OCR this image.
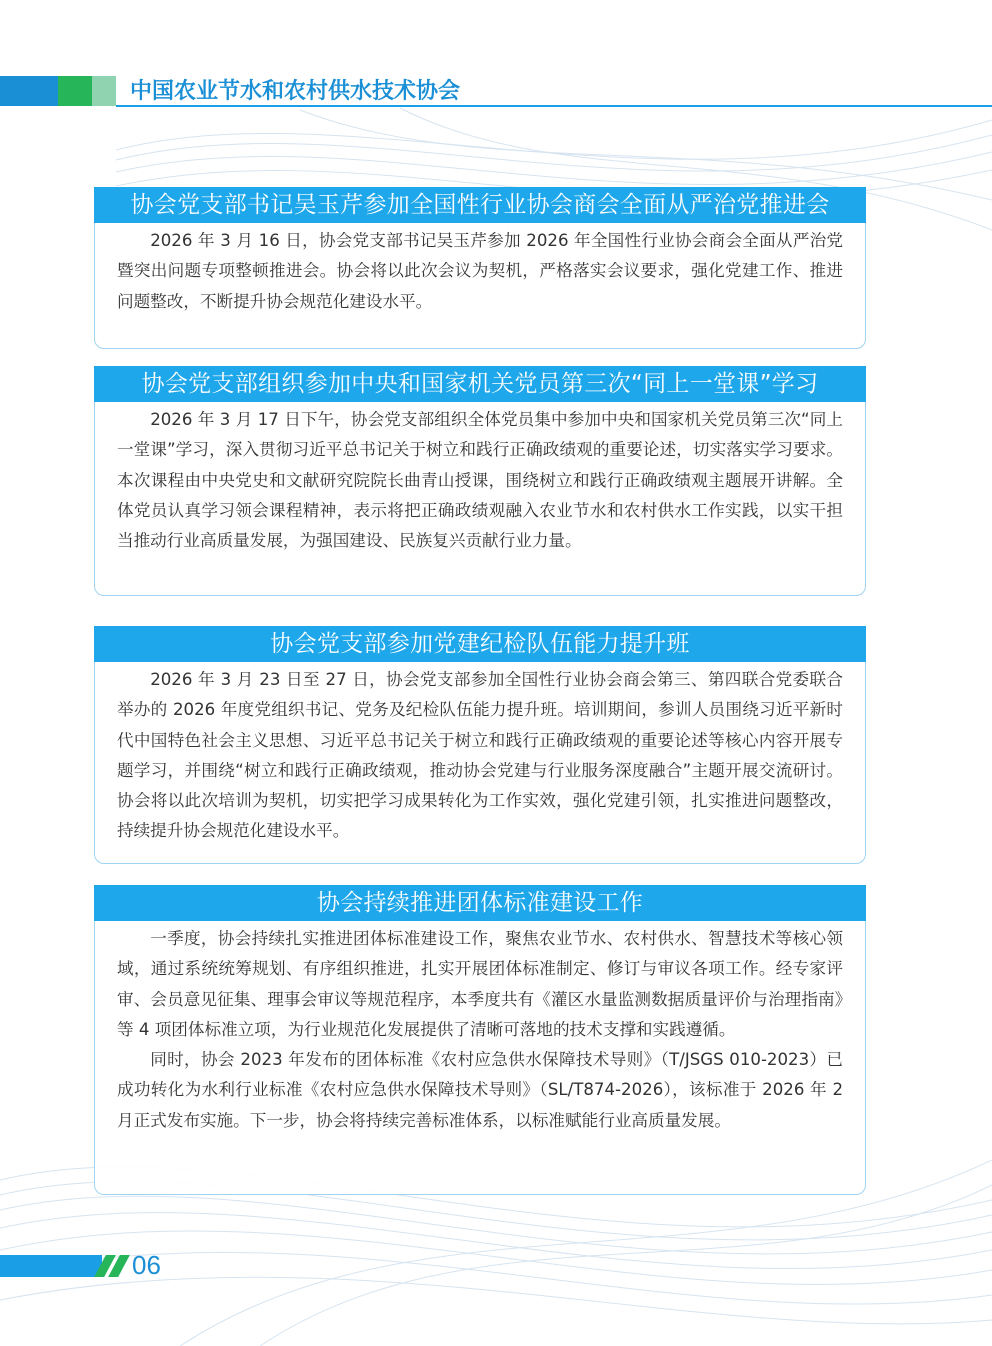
中国农业节水和农村供水技术协会
协会党支部书记吴玉芹参加全国性行业协会商会全面从严治党推进会

2026 年 3 月 16 日，协会党支部书记吴玉芹参加 2026 年全国性行业协会商会全面从严治党暨突出问题专项整顿推进会。协会将以此次会议为契机，严格落实会议要求，强化党建工作、推进问题整改，不断提升协会规范化建设水平。

协会党支部组织参加中央和国家机关党员第三次“同上一堂课”学习

2026 年 3 月 17 日下午，协会党支部组织全体党员集中参加中央和国家机关党员第三次“同上一堂课”学习，深入贯彻习近平总书记关于树立和践行正确政绩观的重要论述，切实落实学习要求。本次课程由中央党史和文献研究院院长曲青山授课，围绕树立和践行正确政绩观主题展开讲解。全体党员认真学习领会课程精神，表示将把正确政绩观融入农业节水和农村供水工作实践，以实干担当推动行业高质量发展，为强国建设、民族复兴贡献行业力量。

协会党支部参加党建纪检队伍能力提升班

2026 年 3 月 23 日至 27 日，协会党支部参加全国性行业协会商会第三、第四联合党委联合举办的 2026 年度党组织书记、党务及纪检队伍能力提升班。培训期间，参训人员围绕习近平新时代中国特色社会主义思想、习近平总书记关于树立和践行正确政绩观的重要论述等核心内容开展专题学习，并围绕“树立和践行正确政绩观，推动协会党建与行业服务深度融合”主题开展交流研讨。协会将以此次培训为契机，切实把学习成果转化为工作实效，强化党建引领，扎实推进问题整改，持续提升协会规范化建设水平。

协会持续推进团体标准建设工作

一季度，协会持续扎实推进团体标准建设工作，聚焦农业节水、农村供水、智慧技术等核心领域，通过系统统筹规划、有序组织推进，扎实开展团体标准制定、修订与审议各项工作。经专家评审、会员意见征集、理事会审议等规范程序，本季度共有《灌区水量监测数据质量评价与治理指南》等 4 项团体标准立项，为行业规范化发展提供了清晰可落地的技术支撑和实践遵循。

同时，协会 2023 年发布的团体标准《农村应急供水保障技术导则》（T/JSGS 010-2023）已成功转化为水利行业标准《农村应急供水保障技术导则》（SL/T874-2026），该标准于 2026 年 2 月正式发布实施。下一步，协会将持续完善标准体系，以标准赋能行业高质量发展。

06
